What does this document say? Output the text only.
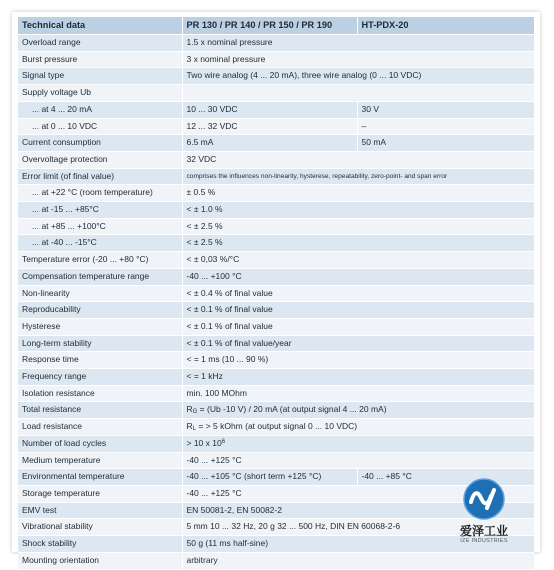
Technical data	PR 130 / PR 140 / PR 150 / PR 190	HT-PDX-20
Overload range	1.5 x nominal pressure	
Burst pressure	3 x nominal pressure	
Signal type	Two wire analog (4 ... 20 mA), three wire analog (0 ... 10 VDC)	
Supply voltage Ub		
... at 4 ... 20 mA	10 ... 30 VDC	30 V
... at 0 ... 10 VDC	12 ... 32 VDC	–
Current consumption	6.5 mA	50 mA
Overvoltage protection	32 VDC	
Error limit (of final value)	comprises the influences non-linearity, hysterese, repeatability, zero-point- and span error	
... at +22 °C (room temperature)	± 0.5 %	
... at -15 ... +85°C	< ± 1.0 %	
... at +85 ... +100°C	< ± 2.5 %	
... at -40 ... -15°C	< ± 2.5 %	
Temperature error (-20 ... +80 °C)	< ± 0,03 %/°C	
Compensation temperature range	-40 ... +100 °C	
Non-linearity	< ± 0.4 % of final value	
Reproducability	< ± 0.1 % of final value	
Hysterese	< ± 0.1 % of final value	
Long-term stability	< ± 0.1 % of final value/year	
Response time	< = 1 ms (10 ... 90 %)	
Frequency range	< = 1 kHz	
Isolation resistance	min. 100 MOhm	
Total resistance	$R_G = (Ub$ -10 V) / 20 mA (at output signal 4 ... 20 mA)	
Load resistance	$R_L$ = > 5 kOhm (at output signal 0 ... 10 VDC)	
Number of load cycles	> 10 x $10^6$
Medium temperature	-40 ... +125 °C	
Environmental temperature	-40 ... +105 °C (short term +125 °C)	-40 ... +85 °C
Storage temperature	-40 ... +125 °C	
EMV test	EN 50081-2, EN 50082-2	
Vibrational stability	5 mm 10 ... 32 Hz, 20 g 32 ... 500 Hz, DIN EN 60068-2-6	
Shock stability	50 g (11 ms half-sine)	
Mounting orientation	arbitrary	
爱泽工业
IZE INDUSTRIES
